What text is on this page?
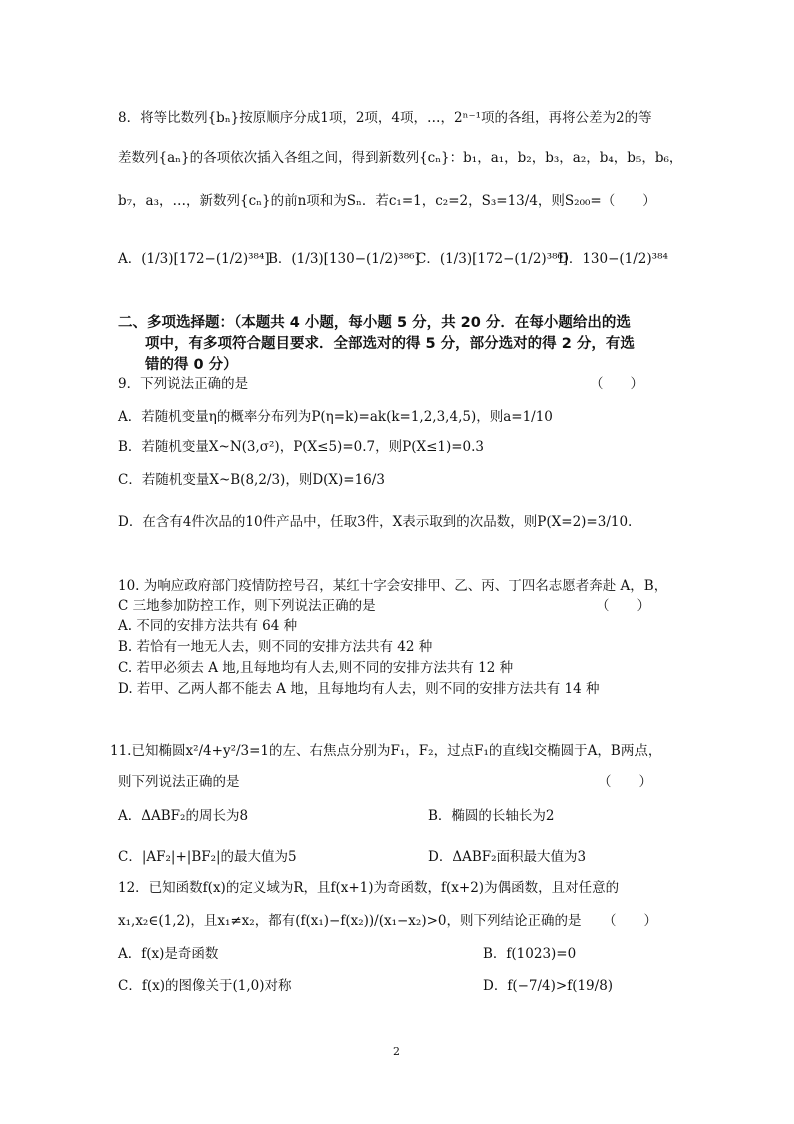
8．将等比数列{bₙ}按原顺序分成1项，2项，4项，…，2ⁿ⁻¹项的各组，再将公差为2的等
差数列{aₙ}的各项依次插入各组之间，得到新数列{cₙ}：b₁，a₁，b₂，b₃，a₂，b₄，b₅，b₆，
b₇，a₃，…，新数列{cₙ}的前n项和为Sₙ．若c₁=1，c₂=2，S₃=13/4，则S₂₀₀=（　　）
A．(1/3)[172−(1/2)³⁸⁴]
B．(1/3)[130−(1/2)³⁸⁶]
C．(1/3)[172−(1/2)³⁸⁶]
D．130−(1/2)³⁸⁴
二、多项选择题：（本题共 4 小题，每小题 5 分，共 20 分．在每小题给出的选
项中，有多项符合题目要求．全部选对的得 5 分，部分选对的得 2 分，有选
错的得 0 分）
9．下列说法正确的是	（　　）
A．若随机变量η的概率分布列为P(η=k)=ak(k=1,2,3,4,5)，则a=1/10
B．若随机变量X~N(3,σ²)，P(X≤5)=0.7，则P(X≤1)=0.3
C．若随机变量X~B(8,2/3)，则D(X)=16/3
D．在含有4件次品的10件产品中，任取3件，X表示取到的次品数，则P(X=2)=3/10.
10. 为响应政府部门疫情防控号召，某红十字会安排甲、乙、丙、丁四名志愿者奔赴 A，B，
C 三地参加防控工作，则下列说法正确的是	（　　）
A. 不同的安排方法共有 64 种
B. 若恰有一地无人去，则不同的安排方法共有 42 种
C. 若甲必须去 A 地,且每地均有人去,则不同的安排方法共有 12 种
D. 若甲、乙两人都不能去 A 地，且每地均有人去，则不同的安排方法共有 14 种
11.已知椭圆x²/4+y²/3=1的左、右焦点分别为F₁，F₂，过点F₁的直线l交椭圆于A，B两点，
则下列说法正确的是	（　　）
A．ΔABF₂的周长为8	B．椭圆的长轴长为2
C．|AF₂|+|BF₂|的最大值为5	D．ΔABF₂面积最大值为3
12．已知函数f(x)的定义域为R，且f(x+1)为奇函数，f(x+2)为偶函数，且对任意的
x₁,x₂∈(1,2)，且x₁≠x₂，都有(f(x₁)−f(x₂))/(x₁−x₂)>0，则下列结论正确的是 （　　）
A．f(x)是奇函数	B．f(1023)=0
C．f(x)的图像关于(1,0)对称	D．f(−7/4)>f(19/8)
2
